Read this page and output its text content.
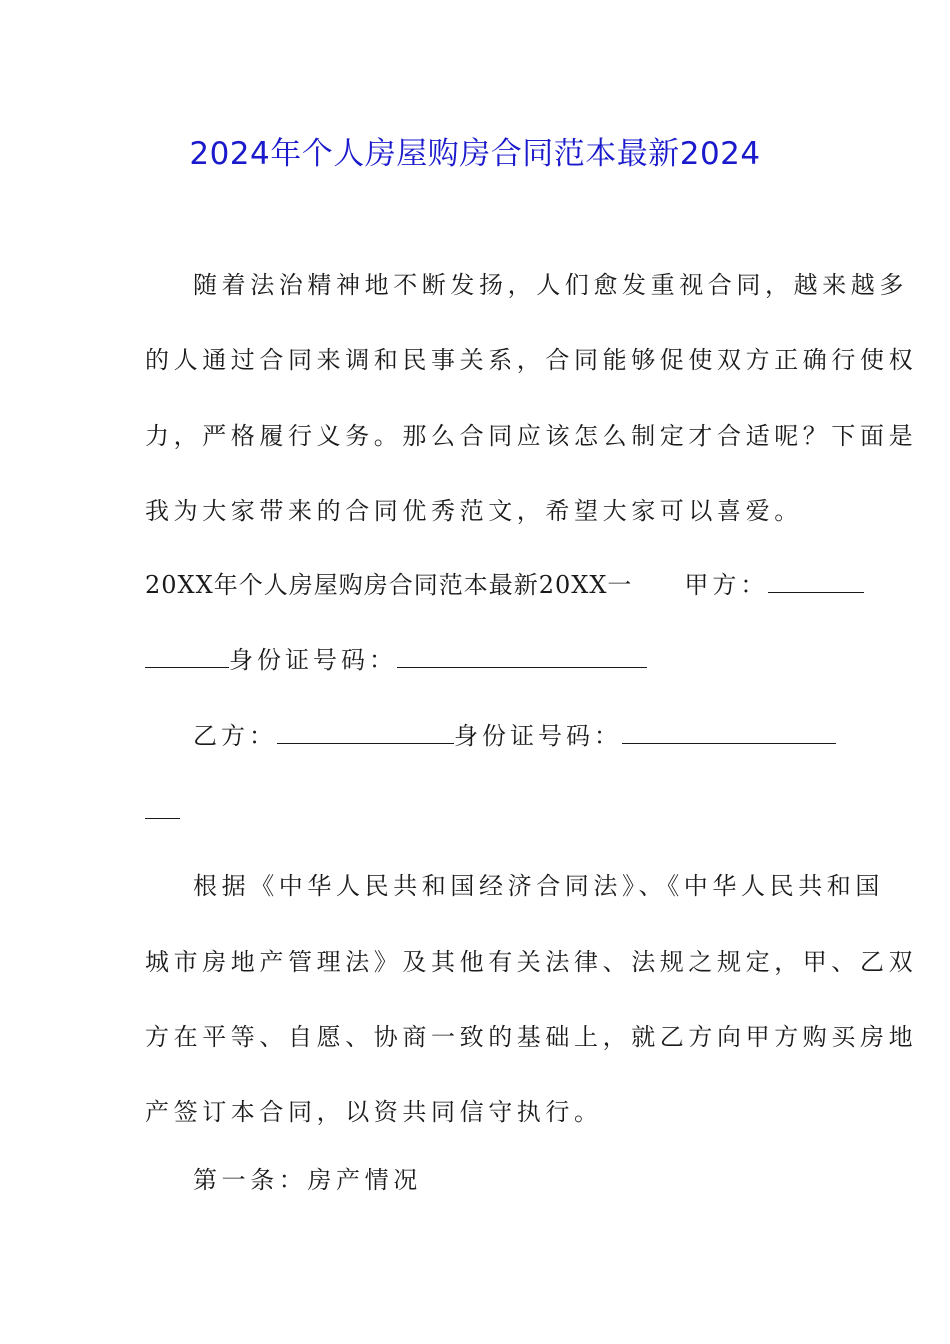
2024年个人房屋购房合同范本最新2024
随着法治精神地不断发扬，人们愈发重视合同，越来越多
的人通过合同来调和民事关系，合同能够促使双方正确行使权
力，严格履行义务。那么合同应该怎么制定才合适呢？下面是
我为大家带来的合同优秀范文，希望大家可以喜爱。
20XX年个人房屋购房合同范本最新20XX一 甲方：
身份证号码：
乙方：	身份证号码：
根据《中华人民共和国经济合同法》、《中华人民共和国
城市房地产管理法》及其他有关法律、法规之规定，甲、乙双
方在平等、自愿、协商一致的基础上，就乙方向甲方购买房地
产签订本合同，以资共同信守执行。
第一条：房产情况
